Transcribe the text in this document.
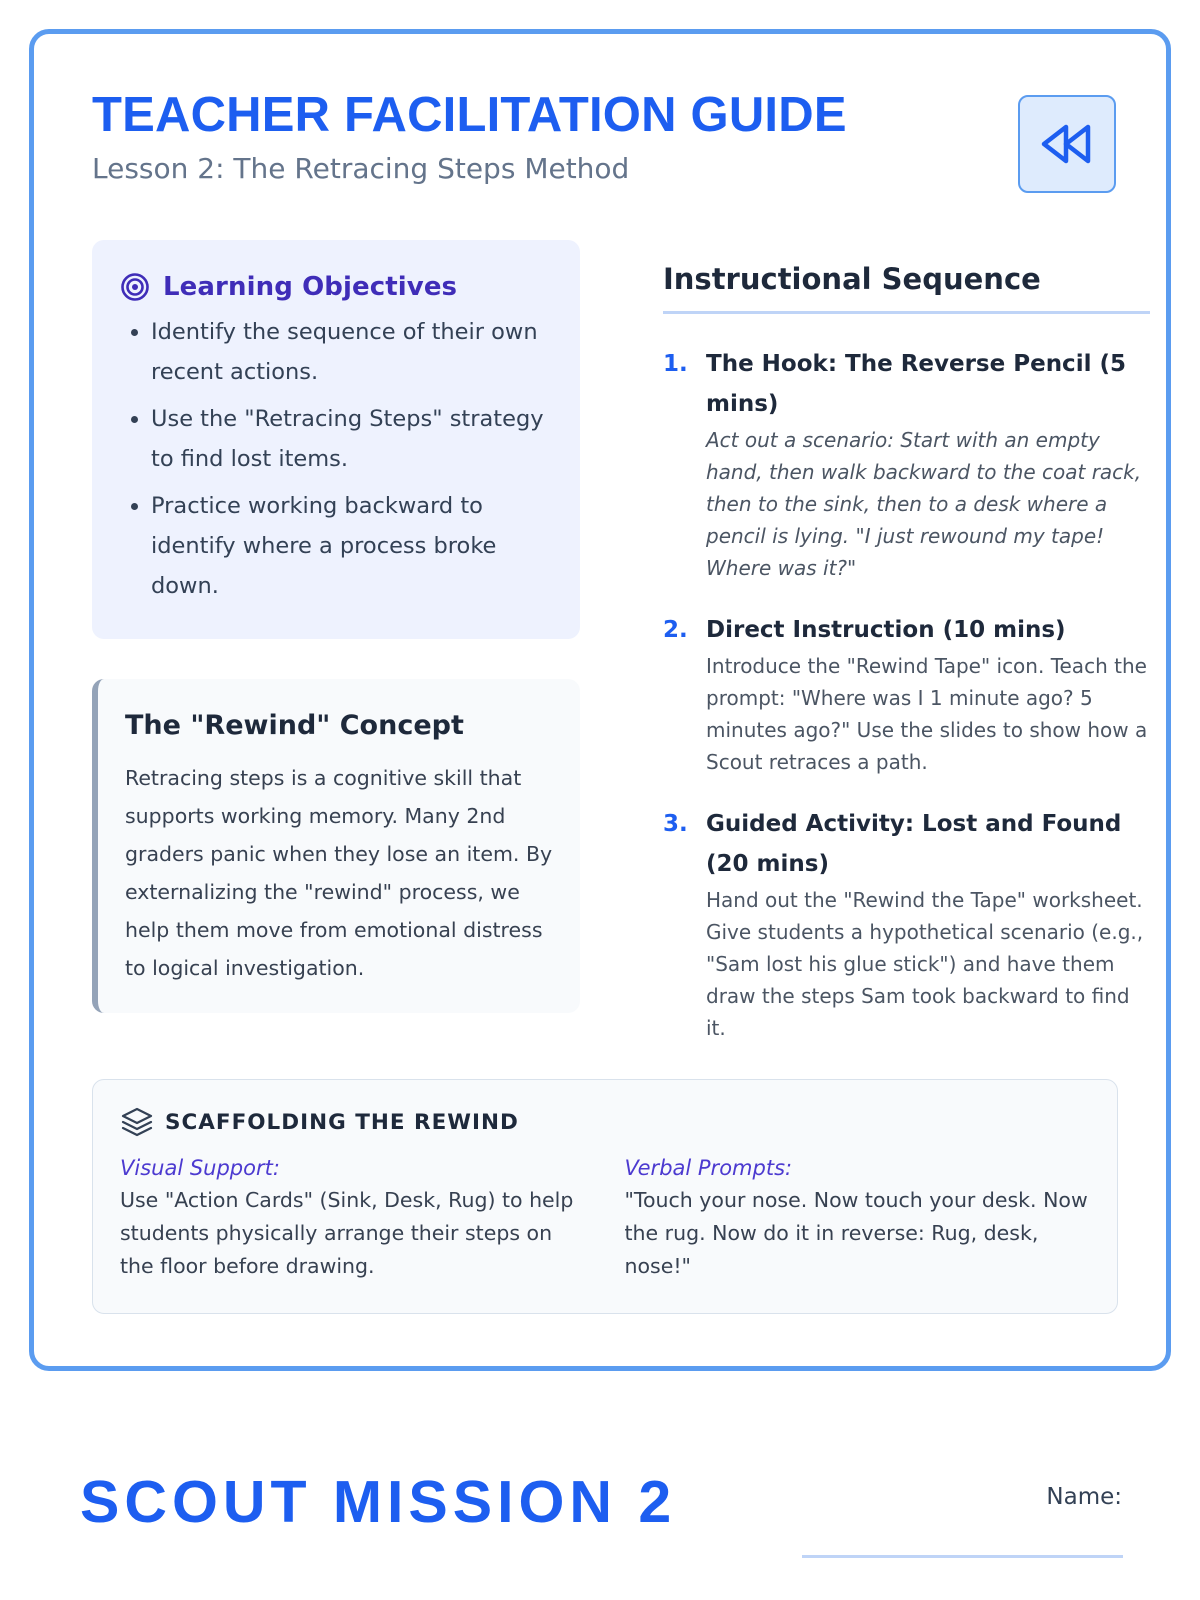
TEACHER FACILITATION GUIDE

Lesson 2: The Retracing Steps Method

Learning Objectives
• Identify the sequence of their own recent actions.
• Use the "Retracing Steps" strategy to find lost items.
• Practice working backward to identify where a process broke down.
The "Rewind" Concept

Retracing steps is a cognitive skill that supports working memory. Many 2nd graders panic when they lose an item. By externalizing the "rewind" process, we help them move from emotional distress to logical investigation.

Instructional Sequence
1. The Hook: The Reverse Pencil (5 mins)

Act out a scenario: Start with an empty hand, then walk backward to the coat rack, then to the sink, then to a desk where a pencil is lying. "I just rewound my tape! Where was it?"

2. Direct Instruction (10 mins)

Introduce the "Rewind Tape" icon. Teach the prompt: "Where was I 1 minute ago? 5 minutes ago?" Use the slides to show how a Scout retraces a path.

3. Guided Activity: Lost and Found (20 mins)

Hand out the "Rewind the Tape" worksheet. Give students a hypothetical scenario (e.g., "Sam lost his glue stick") and have them draw the steps Sam took backward to find it.

SCAFFOLDING THE REWIND

Visual Support:

Use "Action Cards" (Sink, Desk, Rug) to help students physically arrange their steps on the floor before drawing.

Verbal Prompts:

"Touch your nose. Now touch your desk. Now the rug. Now do it in reverse: Rug, desk, nose!"

SCOUT MISSION 2	Name:
